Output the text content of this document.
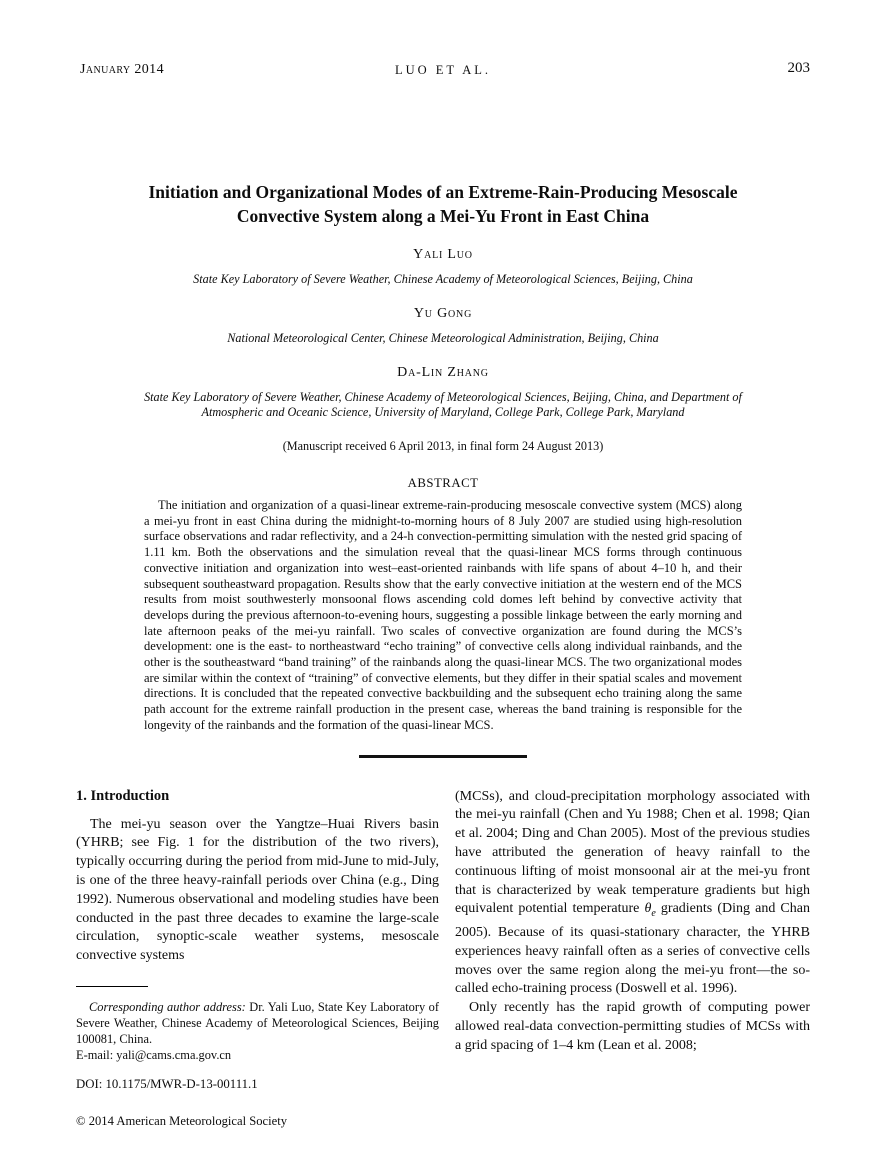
January 2014	LUO ET AL.	203
Initiation and Organizational Modes of an Extreme-Rain-Producing Mesoscale
Convective System along a Mei-Yu Front in East China
Yali Luo
State Key Laboratory of Severe Weather, Chinese Academy of Meteorological Sciences, Beijing, China
Yu Gong
National Meteorological Center, Chinese Meteorological Administration, Beijing, China
Da-Lin Zhang
State Key Laboratory of Severe Weather, Chinese Academy of Meteorological Sciences, Beijing, China, and Department of Atmospheric and Oceanic Science, University of Maryland, College Park, College Park, Maryland
(Manuscript received 6 April 2013, in final form 24 August 2013)
ABSTRACT
The initiation and organization of a quasi-linear extreme-rain-producing mesoscale convective system (MCS) along a mei-yu front in east China during the midnight-to-morning hours of 8 July 2007 are studied using high-resolution surface observations and radar reflectivity, and a 24-h convection-permitting simulation with the nested grid spacing of 1.11 km. Both the observations and the simulation reveal that the quasi-linear MCS forms through continuous convective initiation and organization into west–east-oriented rainbands with life spans of about 4–10 h, and their subsequent southeastward propagation. Results show that the early convective initiation at the western end of the MCS results from moist southwesterly monsoonal flows ascending cold domes left behind by convective activity that develops during the previous afternoon-to-evening hours, suggesting a possible linkage between the early morning and late afternoon peaks of the mei-yu rainfall. Two scales of convective organization are found during the MCS’s development: one is the east- to northeastward “echo training” of convective cells along individual rainbands, and the other is the southeastward “band training” of the rainbands along the quasi-linear MCS. The two organizational modes are similar within the context of “training” of convective elements, but they differ in their spatial scales and movement directions. It is concluded that the repeated convective backbuilding and the subsequent echo training along the same path account for the extreme rainfall production in the present case, whereas the band training is responsible for the longevity of the rainbands and the formation of the quasi-linear MCS.
1. Introduction
The mei-yu season over the Yangtze–Huai Rivers basin (YHRB; see Fig. 1 for the distribution of the two rivers), typically occurring during the period from mid-June to mid-July, is one of the three heavy-rainfall periods over China (e.g., Ding 1992). Numerous observational and modeling studies have been conducted in the past three decades to examine the large-scale circulation, synoptic-scale weather systems, mesoscale convective systems
Corresponding author address: Dr. Yali Luo, State Key Laboratory of Severe Weather, Chinese Academy of Meteorological Sciences, Beijing 100081, China.
E-mail: yali@cams.cma.gov.cn
DOI: 10.1175/MWR-D-13-00111.1
© 2014 American Meteorological Society
(MCSs), and cloud-precipitation morphology associated with the mei-yu rainfall (Chen and Yu 1988; Chen et al. 1998; Qian et al. 2004; Ding and Chan 2005). Most of the previous studies have attributed the generation of heavy rainfall to the continuous lifting of moist monsoonal air at the mei-yu front that is characterized by weak temperature gradients but high equivalent potential temperature $\theta_e$ gradients (Ding and Chan 2005). Because of its quasi-stationary character, the YHRB experiences heavy rainfall often as a series of convective cells moves over the same region along the mei-yu front—the so-called echo-training process (Doswell et al. 1996).
Only recently has the rapid growth of computing power allowed real-data convection-permitting studies of MCSs with a grid spacing of 1–4 km (Lean et al. 2008;
